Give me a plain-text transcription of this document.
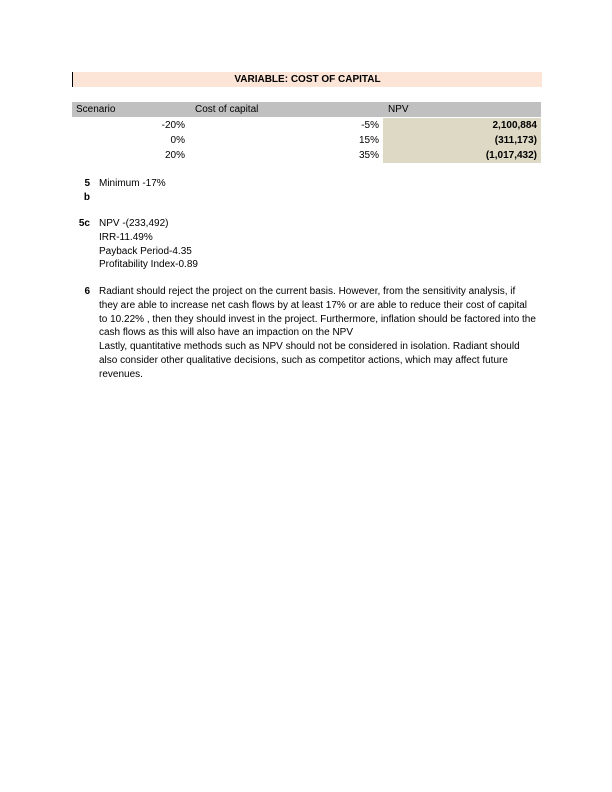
VARIABLE: COST OF CAPITAL
Scenario	Cost of capital	NPV
-20%	-5%	2,100,884
0%	15%	(311,173)
20%	35%	(1,017,432)
5
b
Minimum -17%
5c NPV -(233,492)
IRR-11.49%
Payback Period-4.35
Profitability Index-0.89
6 Radiant should reject the project on the current basis. However, from the sensitivity analysis, if they are able to increase net cash flows by at least 17% or are able to reduce their cost of capital to 10.22% , then they should invest in the project. Furthermore, inflation should be factored into the cash flows as this will also have an impaction on the NPV
Lastly, quantitative methods such as NPV should not be considered in isolation. Radiant should also consider other qualitative decisions, such as competitor actions, which may affect future revenues.
